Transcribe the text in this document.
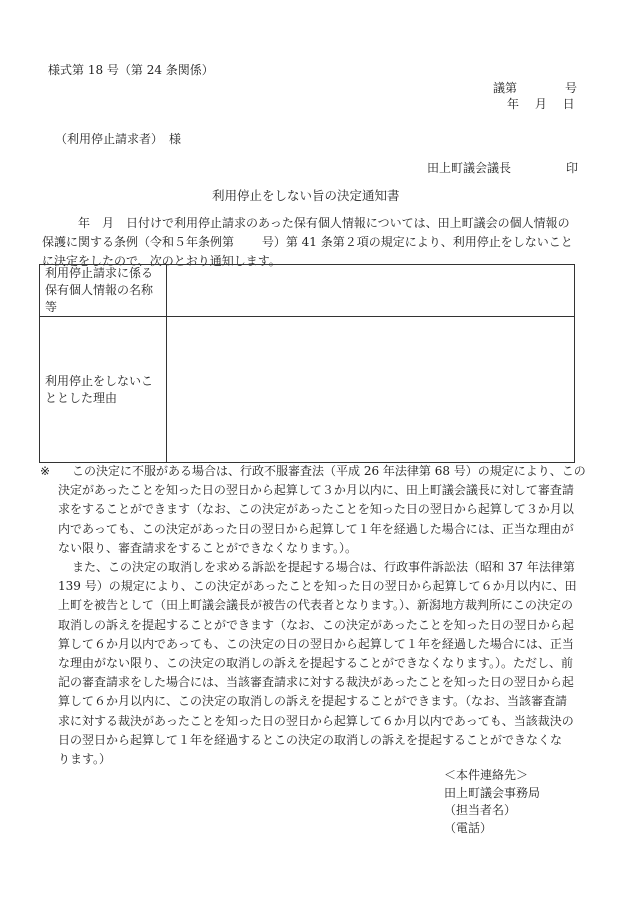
様式第 18 号（第 24 条関係）
議第　　　　号
年　 月　 日
（利用停止請求者）　様
田上町議会議長	印
利用停止をしない旨の決定通知書
　　　年　月　日付けで利用停止請求のあった保有個人情報については、田上町議会の個人情報の
保護に関する条例（令和５年条例第　　 号）第 41 条第２項の規定により、利用停止をしないこと
に決定をしたので、次のとおり通知します。
利用停止請求に係る
保有個人情報の名称
等	

利用停止をしないこ
ととした理由	

※ この決定に不服がある場合は、行政不服審査法（平成 26 年法律第 68 号）の規定により、この
決定があったことを知った日の翌日から起算して３か月以内に、田上町議会議長に対して審査請
求をすることができます（なお、この決定があったことを知った日の翌日から起算して３か月以
内であっても、この決定があった日の翌日から起算して１年を経過した場合には、正当な理由が
ない限り、審査請求をすることができなくなります。）。
また、この決定の取消しを求める訴訟を提起する場合は、行政事件訴訟法（昭和 37 年法律第
139 号）の規定により、この決定があったことを知った日の翌日から起算して６か月以内に、田
上町を被告として（田上町議会議長が被告の代表者となります。）、新潟地方裁判所にこの決定の
取消しの訴えを提起することができます（なお、この決定があったことを知った日の翌日から起
算して６か月以内であっても、この決定の日の翌日から起算して１年を経過した場合には、正当
な理由がない限り、この決定の取消しの訴えを提起することができなくなります。）。ただし、前
記の審査請求をした場合には、当該審査請求に対する裁決があったことを知った日の翌日から起
算して６か月以内に、この決定の取消しの訴えを提起することができます。（なお、当該審査請
求に対する裁決があったことを知った日の翌日から起算して６か月以内であっても、当該裁決の
日の翌日から起算して１年を経過するとこの決定の取消しの訴えを提起することができなくな
ります。）
＜本件連絡先＞
田上町議会事務局
（担当者名）
（電話）
